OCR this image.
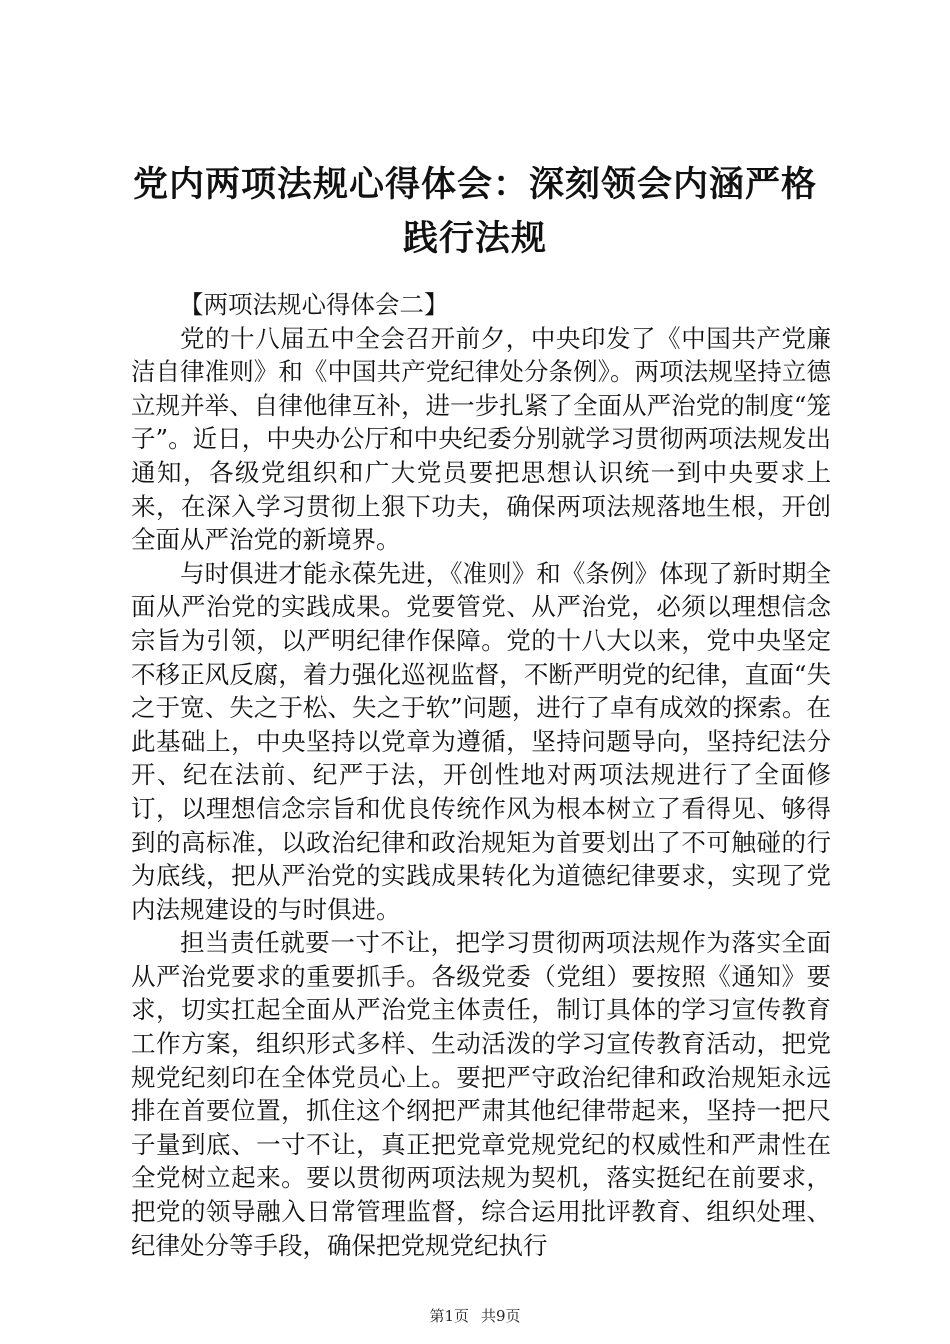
党内两项法规心得体会：深刻领会内涵严格践行法规

【两项法规心得体会二】

党的十八届五中全会召开前夕，中央印发了《中国共产党廉洁自律准则》和《中国共产党纪律处分条例》。两项法规坚持立德立规并举、自律他律互补，进一步扎紧了全面从严治党的制度“笼子”。近日，中央办公厅和中央纪委分别就学习贯彻两项法规发出通知，各级党组织和广大党员要把思想认识统一到中央要求上来，在深入学习贯彻上狠下功夫，确保两项法规落地生根，开创全面从严治党的新境界。

与时俱进才能永葆先进，《准则》和《条例》体现了新时期全面从严治党的实践成果。党要管党、从严治党，必须以理想信念宗旨为引领，以严明纪律作保障。党的十八大以来，党中央坚定不移正风反腐，着力强化巡视监督，不断严明党的纪律，直面“失之于宽、失之于松、失之于软”问题，进行了卓有成效的探索。在此基础上，中央坚持以党章为遵循，坚持问题导向，坚持纪法分开、纪在法前、纪严于法，开创性地对两项法规进行了全面修订，以理想信念宗旨和优良传统作风为根本树立了看得见、够得到的高标准，以政治纪律和政治规矩为首要划出了不可触碰的行为底线，把从严治党的实践成果转化为道德纪律要求，实现了党内法规建设的与时俱进。

担当责任就要一寸不让，把学习贯彻两项法规作为落实全面从严治党要求的重要抓手。各级党委（党组）要按照《通知》要求，切实扛起全面从严治党主体责任，制订具体的学习宣传教育工作方案，组织形式多样、生动活泼的学习宣传教育活动，把党规党纪刻印在全体党员心上。要把严守政治纪律和政治规矩永远排在首要位置，抓住这个纲把严肃其他纪律带起来，坚持一把尺子量到底、一寸不让，真正把党章党规党纪的权威性和严肃性在全党树立起来。要以贯彻两项法规为契机，落实挺纪在前要求，把党的领导融入日常管理监督，综合运用批评教育、组织处理、纪律处分等手段，确保把党规党纪执行

第1页 共9页
